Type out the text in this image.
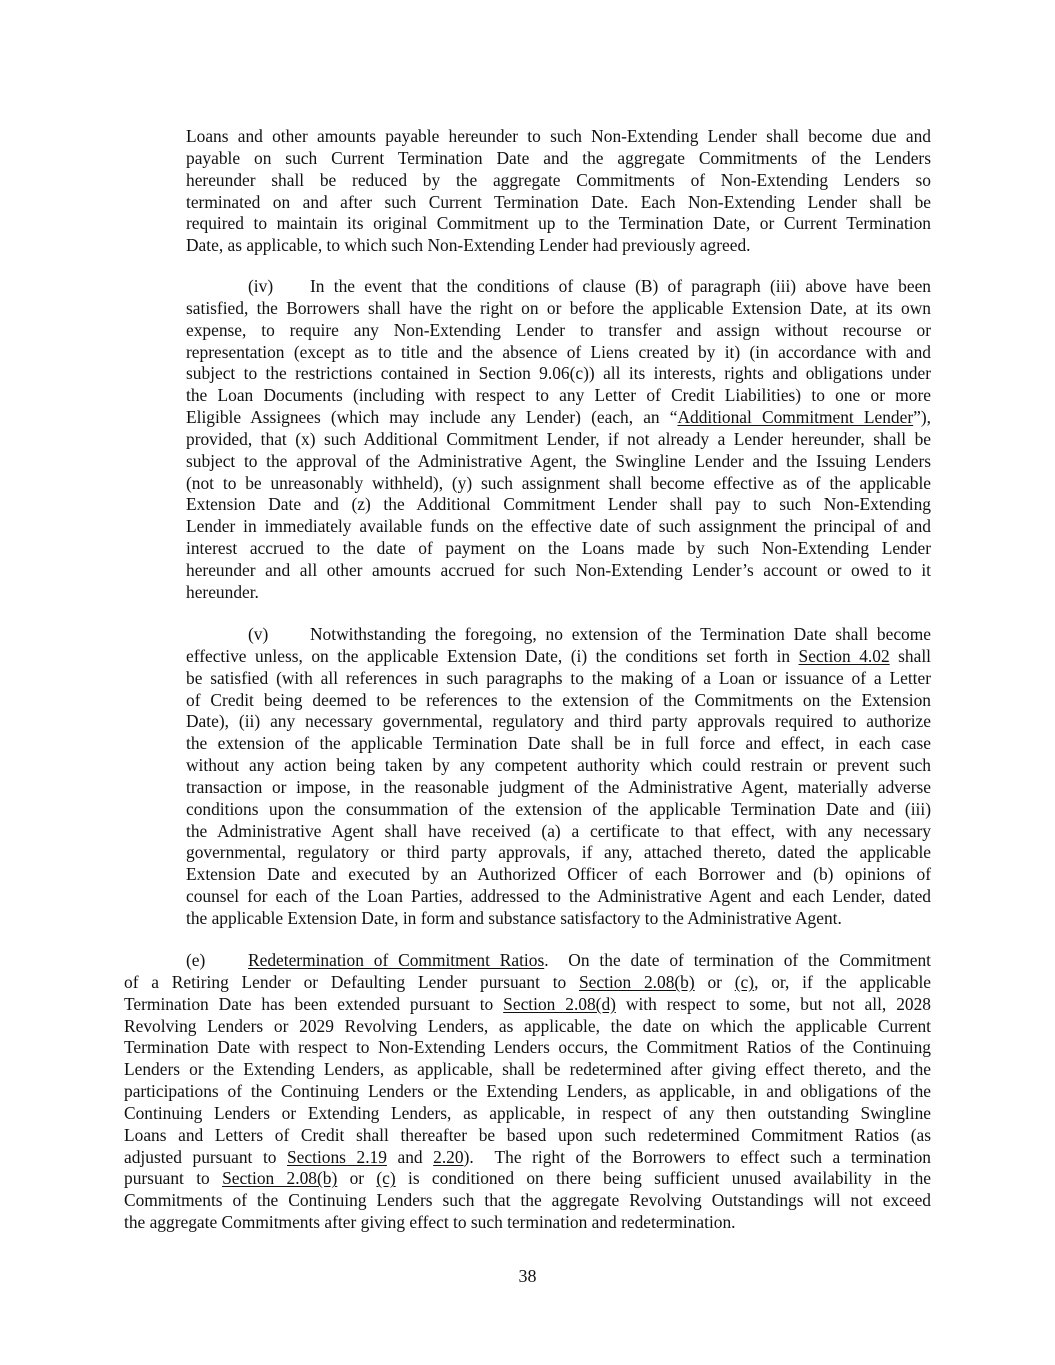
Loans and other amounts payable hereunder to such Non-Extending Lender shall become due and
payable on such Current Termination Date and the aggregate Commitments of the Lenders
hereunder shall be reduced by the aggregate Commitments of Non-Extending Lenders so
terminated on and after such Current Termination Date. Each Non-Extending Lender shall be
required to maintain its original Commitment up to the Termination Date, or Current Termination
Date, as applicable, to which such Non-Extending Lender had previously agreed.
(iv) In the event that the conditions of clause (B) of paragraph (iii) above have been
satisfied, the Borrowers shall have the right on or before the applicable Extension Date, at its own
expense, to require any Non-Extending Lender to transfer and assign without recourse or
representation (except as to title and the absence of Liens created by it) (in accordance with and
subject to the restrictions contained in Section 9.06(c)) all its interests, rights and obligations under
the Loan Documents (including with respect to any Letter of Credit Liabilities) to one or more
Eligible Assignees (which may include any Lender) (each, an “Additional Commitment Lender”),
provided, that (x) such Additional Commitment Lender, if not already a Lender hereunder, shall be
subject to the approval of the Administrative Agent, the Swingline Lender and the Issuing Lenders
(not to be unreasonably withheld), (y) such assignment shall become effective as of the applicable
Extension Date and (z) the Additional Commitment Lender shall pay to such Non-Extending
Lender in immediately available funds on the effective date of such assignment the principal of and
interest accrued to the date of payment on the Loans made by such Non-Extending Lender
hereunder and all other amounts accrued for such Non-Extending Lender’s account or owed to it
hereunder.
(v) Notwithstanding the foregoing, no extension of the Termination Date shall become
effective unless, on the applicable Extension Date, (i) the conditions set forth in Section 4.02 shall
be satisfied (with all references in such paragraphs to the making of a Loan or issuance of a Letter
of Credit being deemed to be references to the extension of the Commitments on the Extension
Date), (ii) any necessary governmental, regulatory and third party approvals required to authorize
the extension of the applicable Termination Date shall be in full force and effect, in each case
without any action being taken by any competent authority which could restrain or prevent such
transaction or impose, in the reasonable judgment of the Administrative Agent, materially adverse
conditions upon the consummation of the extension of the applicable Termination Date and (iii)
the Administrative Agent shall have received (a) a certificate to that effect, with any necessary
governmental, regulatory or third party approvals, if any, attached thereto, dated the applicable
Extension Date and executed by an Authorized Officer of each Borrower and (b) opinions of
counsel for each of the Loan Parties, addressed to the Administrative Agent and each Lender, dated
the applicable Extension Date, in form and substance satisfactory to the Administrative Agent.
(e) Redetermination of Commitment Ratios.  On the date of termination of the Commitment
of a Retiring Lender or Defaulting Lender pursuant to Section 2.08(b) or (c), or, if the applicable
Termination Date has been extended pursuant to Section 2.08(d) with respect to some, but not all, 2028
Revolving Lenders or 2029 Revolving Lenders, as applicable, the date on which the applicable Current
Termination Date with respect to Non-Extending Lenders occurs, the Commitment Ratios of the Continuing
Lenders or the Extending Lenders, as applicable, shall be redetermined after giving effect thereto, and the
participations of the Continuing Lenders or the Extending Lenders, as applicable, in and obligations of the
Continuing Lenders or Extending Lenders, as applicable, in respect of any then outstanding Swingline
Loans and Letters of Credit shall thereafter be based upon such redetermined Commitment Ratios (as
adjusted pursuant to Sections 2.19 and 2.20).  The right of the Borrowers to effect such a termination
pursuant to Section 2.08(b) or (c) is conditioned on there being sufficient unused availability in the
Commitments of the Continuing Lenders such that the aggregate Revolving Outstandings will not exceed
the aggregate Commitments after giving effect to such termination and redetermination.
38
